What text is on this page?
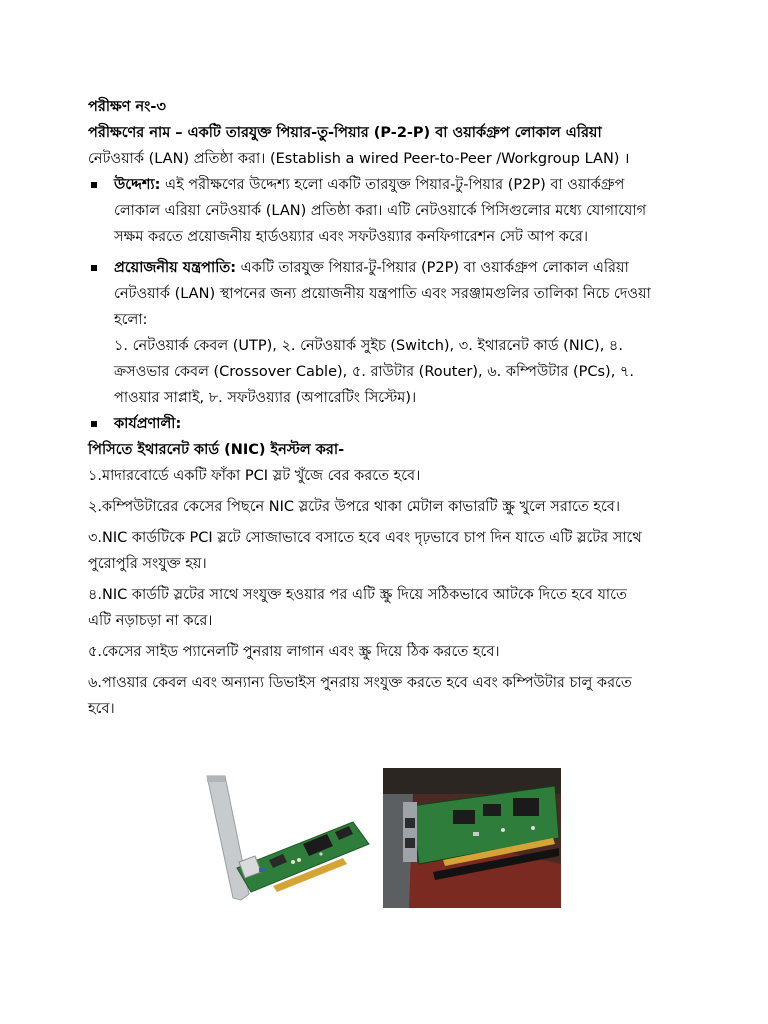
পরীক্ষণ নং-৩
পরীক্ষণের নাম – একটি তারযুক্ত পিয়ার-তু-পিয়ার (P-2-P) বা ওয়ার্কগ্রুপ লোকাল এরিয়া
নেটওয়ার্ক (LAN) প্রতিষ্ঠা করা। (Establish a wired Peer-to-Peer /Workgroup LAN) ।
উদ্দেশ্য: এই পরীক্ষণের উদ্দেশ্য হলো একটি তারযুক্ত পিয়ার-টু-পিয়ার (P2P) বা ওয়ার্কগ্রুপ
লোকাল এরিয়া নেটওয়ার্ক (LAN) প্রতিষ্ঠা করা। এটি নেটওয়ার্কে পিসিগুলোর মধ্যে যোগাযোগ
সক্ষম করতে প্রয়োজনীয় হার্ডওয়্যার এবং সফটওয়্যার কনফিগারেশন সেট আপ করে।
প্রয়োজনীয় যন্ত্রপাতি: একটি তারযুক্ত পিয়ার-টু-পিয়ার (P2P) বা ওয়ার্কগ্রুপ লোকাল এরিয়া
নেটওয়ার্ক (LAN) স্থাপনের জন্য প্রয়োজনীয় যন্ত্রপাতি এবং সরঞ্জামগুলির তালিকা নিচে দেওয়া
হলো:
১. নেটওয়ার্ক কেবল (UTP), ২. নেটওয়ার্ক সুইচ (Switch), ৩. ইথারনেট কার্ড (NIC), ৪.
ক্রসওভার কেবল (Crossover Cable), ৫. রাউটার (Router), ৬. কম্পিউটার (PCs), ৭.
পাওয়ার সাপ্লাই, ৮. সফটওয়্যার (অপারেটিং সিস্টেম)।
কার্যপ্রণালী:
পিসিতে ইথারনেট কার্ড (NIC) ইনস্টল করা-
১.মাদারবোর্ডে একটি ফাঁকা PCI স্লট খুঁজে বের করতে হবে।
২.কম্পিউটারের কেসের পিছনে NIC স্লটের উপরে থাকা মেটাল কাভারটি স্ক্রু খুলে সরাতে হবে।
৩.NIC কার্ডটিকে PCI স্লটে সোজাভাবে বসাতে হবে এবং দৃঢ়ভাবে চাপ দিন যাতে এটি স্লটের সাথে
পুরোপুরি সংযুক্ত হয়।
৪.NIC কার্ডটি স্লটের সাথে সংযুক্ত হওয়ার পর এটি স্ক্রু দিয়ে সঠিকভাবে আটকে দিতে হবে যাতে
এটি নড়াচড়া না করে।
৫.কেসের সাইড প্যানেলটি পুনরায় লাগান এবং স্ক্রু দিয়ে ঠিক করতে হবে।
৬.পাওয়ার কেবল এবং অন্যান্য ডিভাইস পুনরায় সংযুক্ত করতে হবে এবং কম্পিউটার চালু করতে
হবে।
